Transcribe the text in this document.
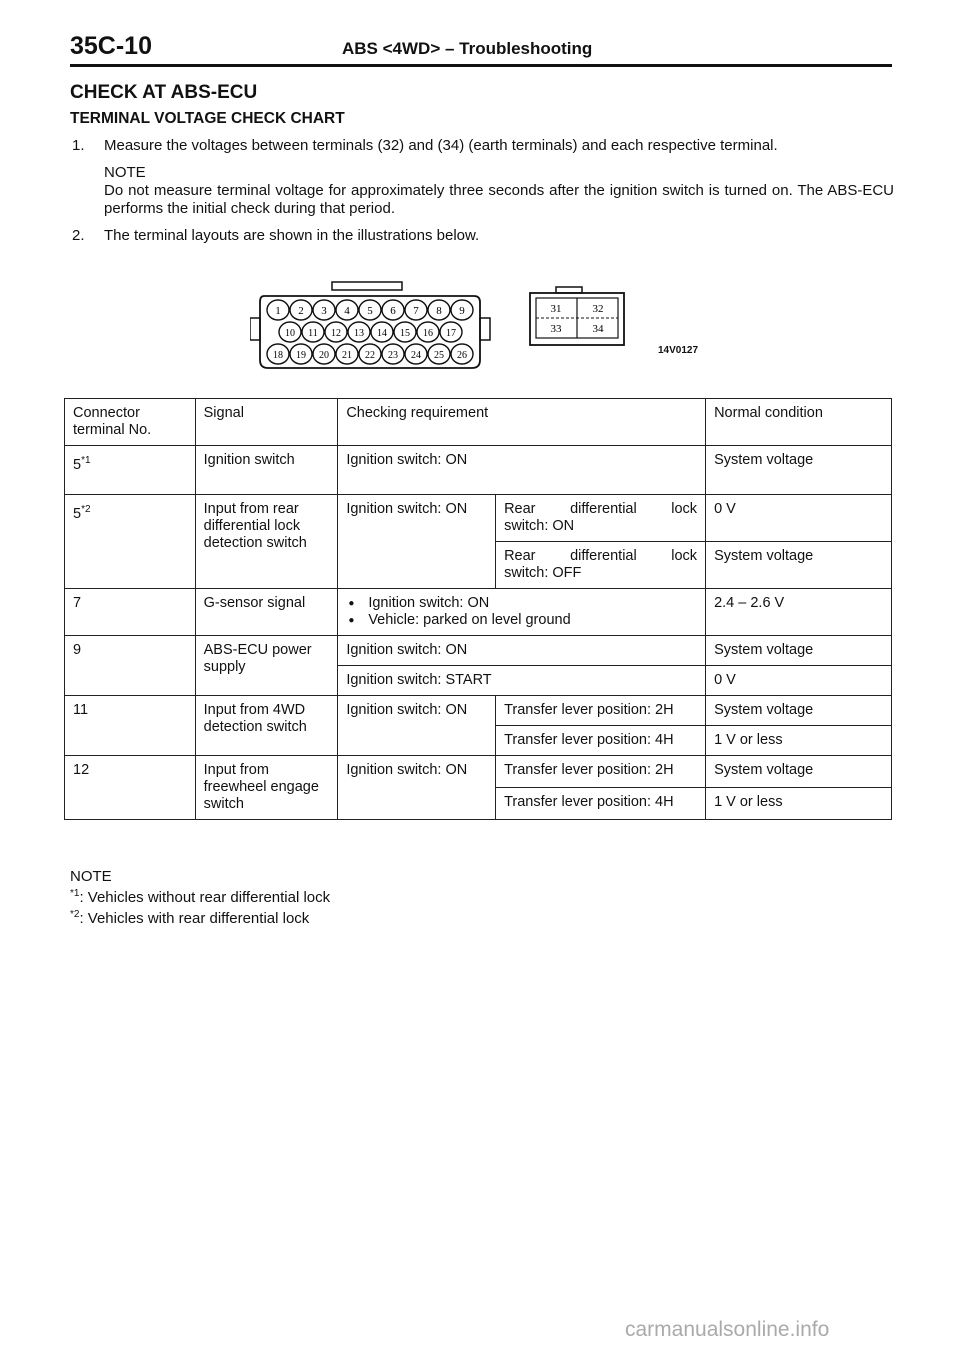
35C-10	ABS <4WD> – Troubleshooting
CHECK AT ABS-ECU
TERMINAL VOLTAGE CHECK CHART
1. Measure the voltages between terminals (32) and (34) (earth terminals) and each respective terminal.
NOTE
Do not measure terminal voltage for approximately three seconds after the ignition switch is turned on. The ABS-ECU performs the initial check during that period.
2. The terminal layouts are shown in the illustrations below.
1 2 3 4 5 6 7 8 9
10 11 12 13 14 15 16 17
18 19 20 21 22 23 24 25 26
31	32
33	34
14V0127
Connector terminal No.	Signal	Checking requirement		Normal condition
5$^{*1}$	Ignition switch	Ignition switch: ON		System voltage
5$^{*2}$	Input from rear differential lock detection switch	Ignition switch: ON	Rear differential lock
switch: ON	0 V

			Rear differential lock
switch: OFF	System voltage
7	G-sensor signal	● Ignition switch: ON
● Vehicle: parked on level ground		2.4 – 2.6 V
9	ABS-ECU power supply	Ignition switch: ON		System voltage
		Ignition switch: START		0 V
11	Input from 4WD detection switch	Ignition switch: ON	Transfer lever position: 2H	System voltage
			Transfer lever position: 4H	1 V or less
12	Input from freewheel engage switch	Ignition switch: ON	Transfer lever position: 2H	System voltage
			Transfer lever position: 4H	1 V or less
NOTE
$^{*1}$: Vehicles without rear differential lock
$^{*2}$: Vehicles with rear differential lock
carmanualsonline.info
